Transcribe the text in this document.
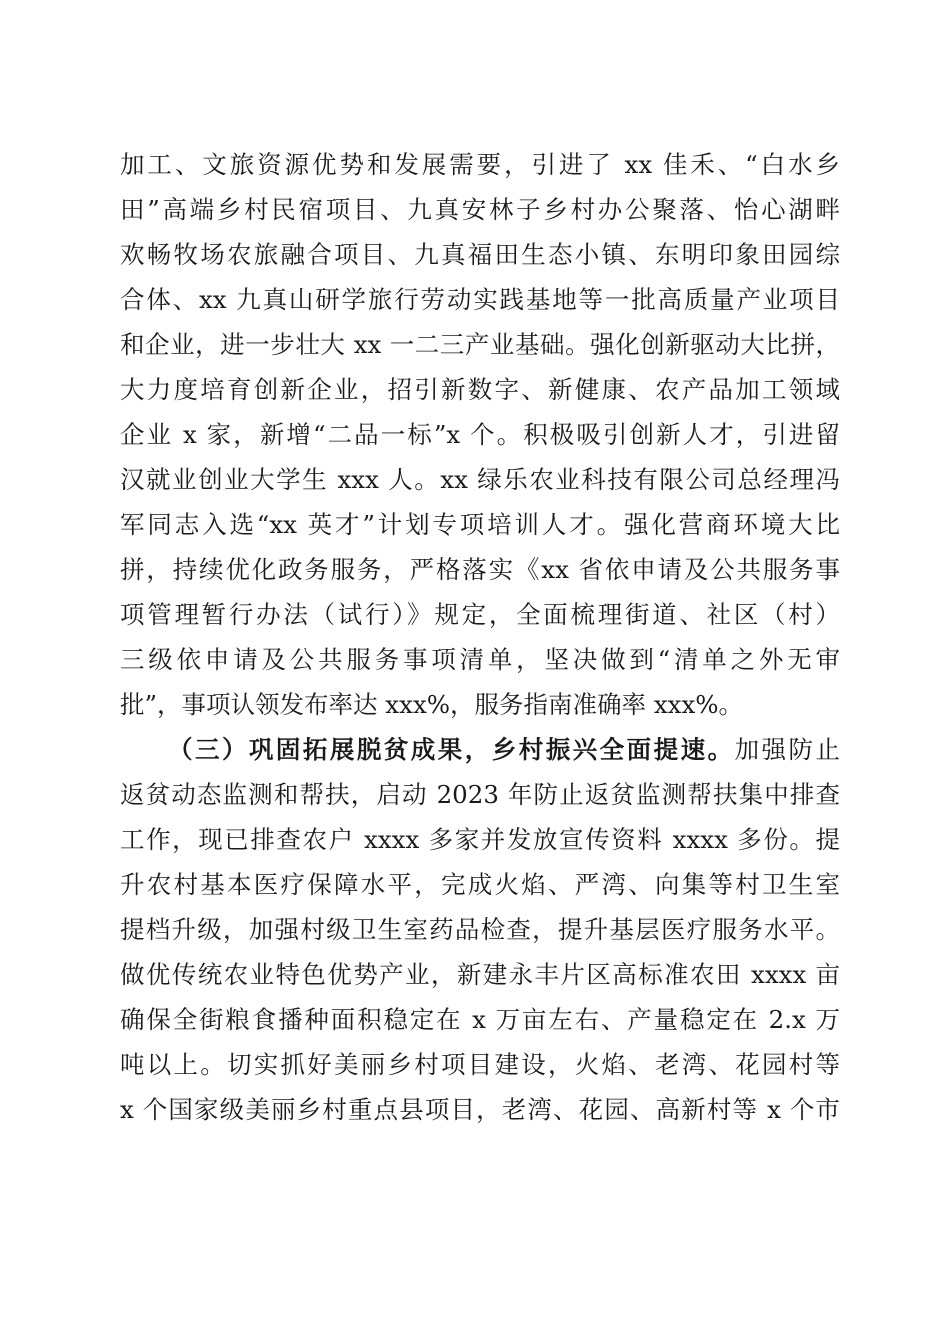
加工、文旅资源优势和发展需要，引进了 xx 佳禾、“白水乡
田”高端乡村民宿项目、九真安林子乡村办公聚落、怡心湖畔
欢畅牧场农旅融合项目、九真福田生态小镇、东明印象田园综
合体、xx 九真山研学旅行劳动实践基地等一批高质量产业项目
和企业，进一步壮大 xx 一二三产业基础。强化创新驱动大比拼，
大力度培育创新企业，招引新数字、新健康、农产品加工领域
企业 x 家，新增“二品一标”x 个。积极吸引创新人才，引进留
汉就业创业大学生 xxx 人。xx 绿乐农业科技有限公司总经理冯
军同志入选“xx 英才”计划专项培训人才。强化营商环境大比
拼，持续优化政务服务，严格落实《xx 省依申请及公共服务事
项管理暂行办法（试行）》规定，全面梳理街道、社区（村）
三级依申请及公共服务事项清单，坚决做到“清单之外无审
批”，事项认领发布率达 xxx%，服务指南准确率 xxx%。
（三）巩固拓展脱贫成果，乡村振兴全面提速。加强防止
返贫动态监测和帮扶，启动 2023 年防止返贫监测帮扶集中排查
工作，现已排查农户 xxxx 多家并发放宣传资料 xxxx 多份。提
升农村基本医疗保障水平，完成火焰、严湾、向集等村卫生室
提档升级，加强村级卫生室药品检查，提升基层医疗服务水平。
做优传统农业特色优势产业，新建永丰片区高标准农田 xxxx 亩
确保全街粮食播种面积稳定在 x 万亩左右、产量稳定在 2.x 万
吨以上。切实抓好美丽乡村项目建设，火焰、老湾、花园村等
x 个国家级美丽乡村重点县项目，老湾、花园、高新村等 x 个市
